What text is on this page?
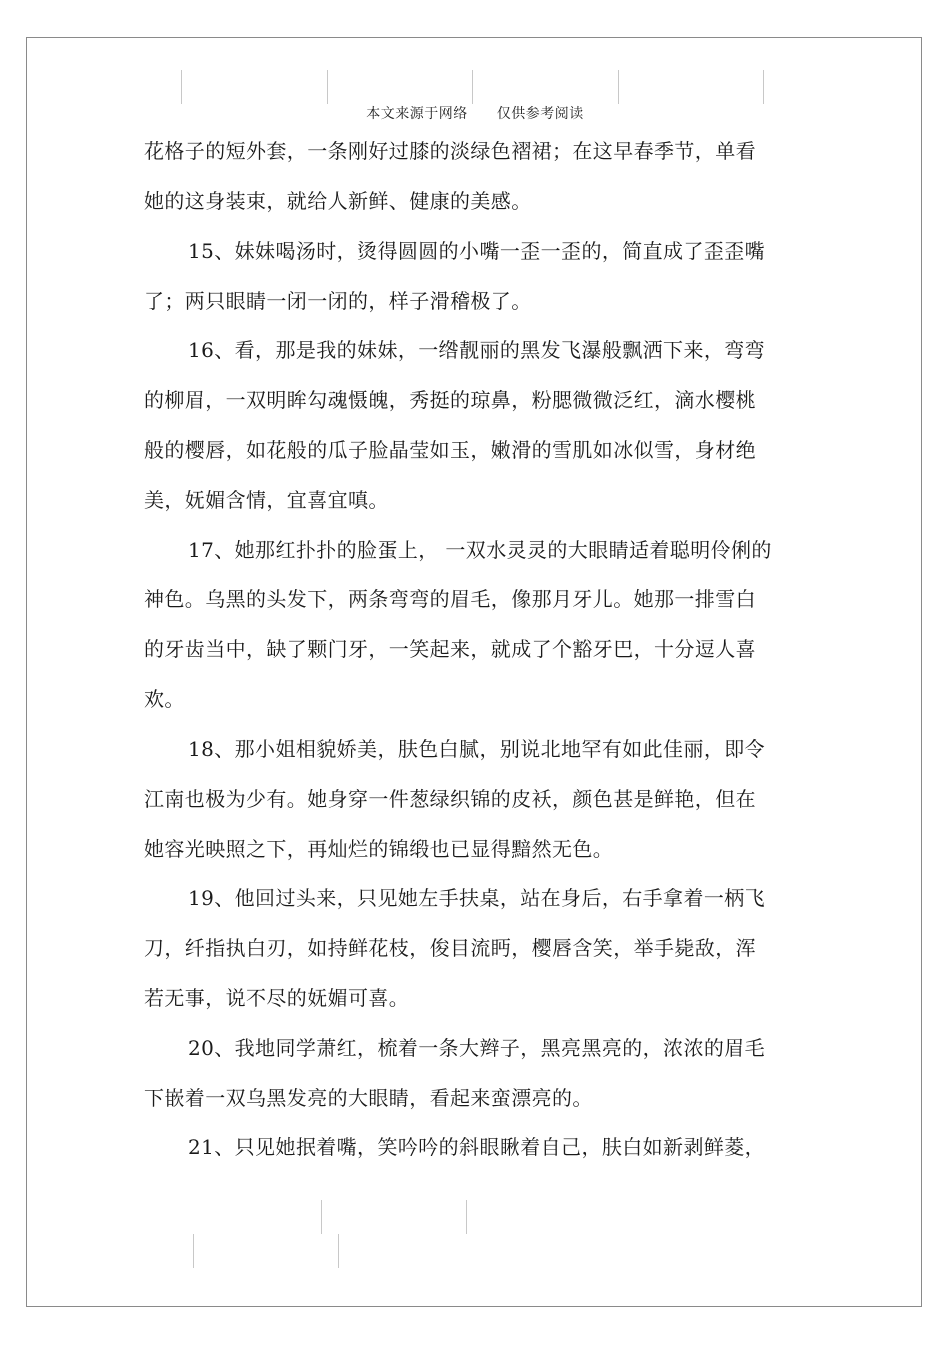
本文来源于网络 仅供参考阅读
花格子的短外套，一条刚好过膝的淡绿色褶裙；在这早春季节，单看
她的这身装束，就给人新鲜、健康的美感。
15、妹妹喝汤时，烫得圆圆的小嘴一歪一歪的，简直成了歪歪嘴
了；两只眼睛一闭一闭的，样子滑稽极了。
16、看，那是我的妹妹，一绺靓丽的黑发飞瀑般飘洒下来，弯弯
的柳眉，一双明眸勾魂慑魄，秀挺的琼鼻，粉腮微微泛红，滴水樱桃
般的樱唇，如花般的瓜子脸晶莹如玉，嫩滑的雪肌如冰似雪，身材绝
美，妩媚含情，宜喜宜嗔。
17、她那红扑扑的脸蛋上， 一双水灵灵的大眼睛适着聪明伶俐的
神色。乌黑的头发下，两条弯弯的眉毛，像那月牙儿。她那一排雪白
的牙齿当中，缺了颗门牙，一笑起来，就成了个豁牙巴，十分逗人喜
欢。
18、那小姐相貌娇美，肤色白腻，别说北地罕有如此佳丽，即令
江南也极为少有。她身穿一件葱绿织锦的皮袄，颜色甚是鲜艳，但在
她容光映照之下，再灿烂的锦缎也已显得黯然无色。
19、他回过头来，只见她左手扶桌，站在身后，右手拿着一柄飞
刀，纤指执白刃，如持鲜花枝，俊目流眄，樱唇含笑，举手毙敌，浑
若无事，说不尽的妩媚可喜。
20、我地同学萧红，梳着一条大辫子，黑亮黑亮的，浓浓的眉毛
下嵌着一双乌黑发亮的大眼睛，看起来蛮漂亮的。
21、只见她抿着嘴，笑吟吟的斜眼瞅着自己，肤白如新剥鲜菱，
